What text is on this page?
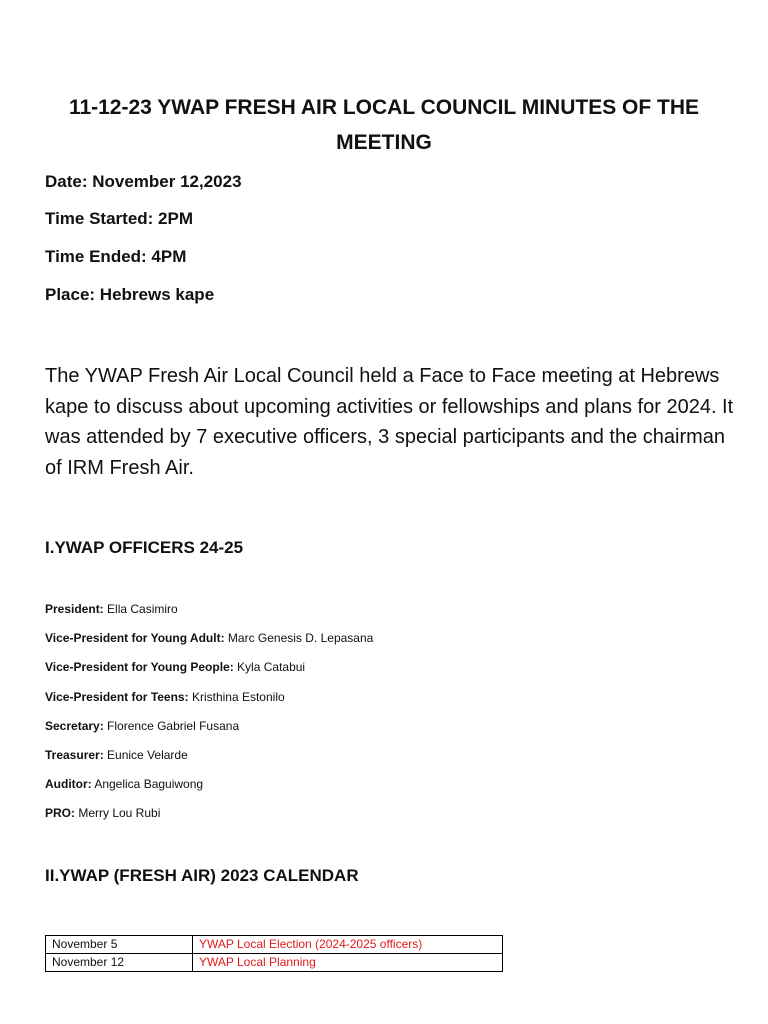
11-12-23 YWAP FRESH AIR LOCAL COUNCIL MINUTES OF THE MEETING

Date: November 12,2023

Time Started: 2PM

Time Ended: 4PM

Place: Hebrews kape

The YWAP Fresh Air Local Council held a Face to Face meeting at Hebrews kape to discuss about upcoming activities or fellowships and plans for 2024. It was attended by 7 executive officers, 3 special participants and the chairman of IRM Fresh Air.

I.YWAP OFFICERS 24-25
President: Ella Casimiro
Vice-President for Young Adult: Marc Genesis D. Lepasana
Vice-President for Young People: Kyla Catabui
Vice-President for Teens: Kristhina Estonilo
Secretary: Florence Gabriel Fusana
Treasurer: Eunice Velarde
Auditor: Angelica Baguiwong
PRO: Merry Lou Rubi
II.YWAP (FRESH AIR) 2023 CALENDAR
November 5	YWAP Local Election (2024-2025 officers)
November 12	YWAP Local Planning
